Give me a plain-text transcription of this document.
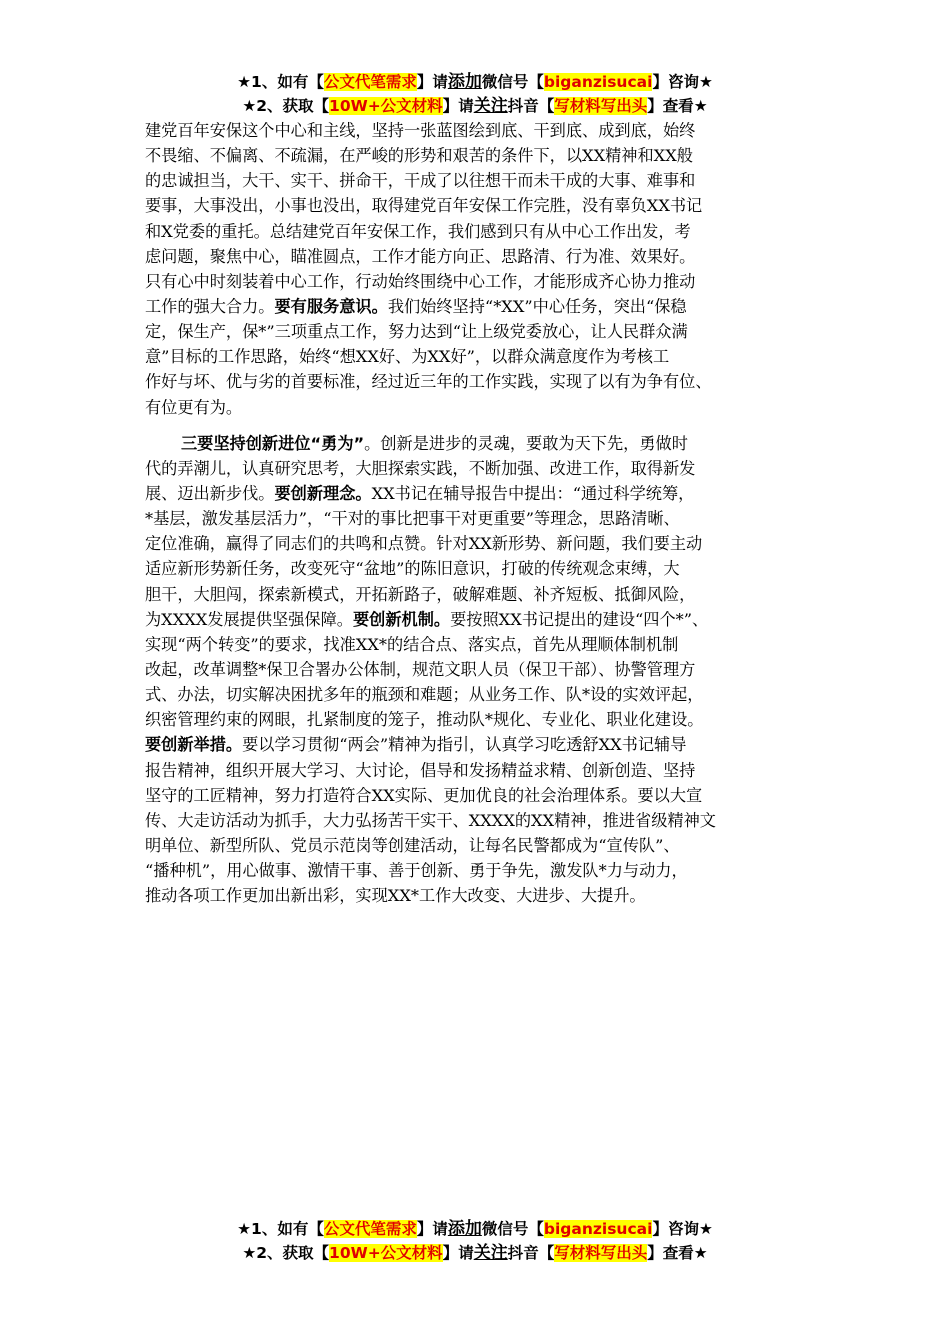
★1、如有【公文代笔需求】请添加微信号【biganzisucai】咨询★
★2、获取【10W+公文材料】请关注抖音【写材料写出头】查看★
建党百年安保这个中心和主线，坚持一张蓝图绘到底、干到底、成到底，始终
不畏缩、不偏离、不疏漏，在严峻的形势和艰苦的条件下，以XX精神和XX般
的忠诚担当，大干、实干、拼命干，干成了以往想干而未干成的大事、难事和
要事，大事没出，小事也没出，取得建党百年安保工作完胜，没有辜负XX书记
和X党委的重托。总结建党百年安保工作，我们感到只有从中心工作出发，考
虑问题，聚焦中心，瞄准圆点，工作才能方向正、思路清、行为准、效果好。
只有心中时刻装着中心工作，行动始终围绕中心工作，才能形成齐心协力推动
工作的强大合力。要有服务意识。我们始终坚持“*XX”中心任务，突出“保稳
定，保生产，保*”三项重点工作，努力达到“让上级党委放心，让人民群众满
意”目标的工作思路，始终“想XX好、为XX好”，以群众满意度作为考核工
作好与坏、优与劣的首要标准，经过近三年的工作实践，实现了以有为争有位、
有位更有为。
三要坚持创新进位“勇为”。创新是进步的灵魂，要敢为天下先，勇做时
代的弄潮儿，认真研究思考，大胆探索实践，不断加强、改进工作，取得新发
展、迈出新步伐。要创新理念。XX书记在辅导报告中提出：“通过科学统筹，
*基层，激发基层活力”，“干对的事比把事干对更重要”等理念，思路清晰、
定位准确，赢得了同志们的共鸣和点赞。针对XX新形势、新问题，我们要主动
适应新形势新任务，改变死守“盆地”的陈旧意识，打破的传统观念束缚，大
胆干，大胆闯，探索新模式，开拓新路子，破解难题、补齐短板、抵御风险，
为XXXX发展提供坚强保障。要创新机制。要按照XX书记提出的建设“四个*”、
实现“两个转变”的要求，找准XX*的结合点、落实点，首先从理顺体制机制
改起，改革调整*保卫合署办公体制，规范文职人员（保卫干部）、协警管理方
式、办法，切实解决困扰多年的瓶颈和难题；从业务工作、队*设的实效评起，
织密管理约束的网眼，扎紧制度的笼子，推动队*规化、专业化、职业化建设。
要创新举措。要以学习贯彻“两会”精神为指引，认真学习吃透舒XX书记辅导
报告精神，组织开展大学习、大讨论，倡导和发扬精益求精、创新创造、坚持
坚守的工匠精神，努力打造符合XX实际、更加优良的社会治理体系。要以大宣
传、大走访活动为抓手，大力弘扬苦干实干、XXXX的XX精神，推进省级精神文
明单位、新型所队、党员示范岗等创建活动，让每名民警都成为“宣传队”、
“播种机”，用心做事、激情干事、善于创新、勇于争先，激发队*力与动力，
推动各项工作更加出新出彩，实现XX*工作大改变、大进步、大提升。
★1、如有【公文代笔需求】请添加微信号【biganzisucai】咨询★
★2、获取【10W+公文材料】请关注抖音【写材料写出头】查看★
